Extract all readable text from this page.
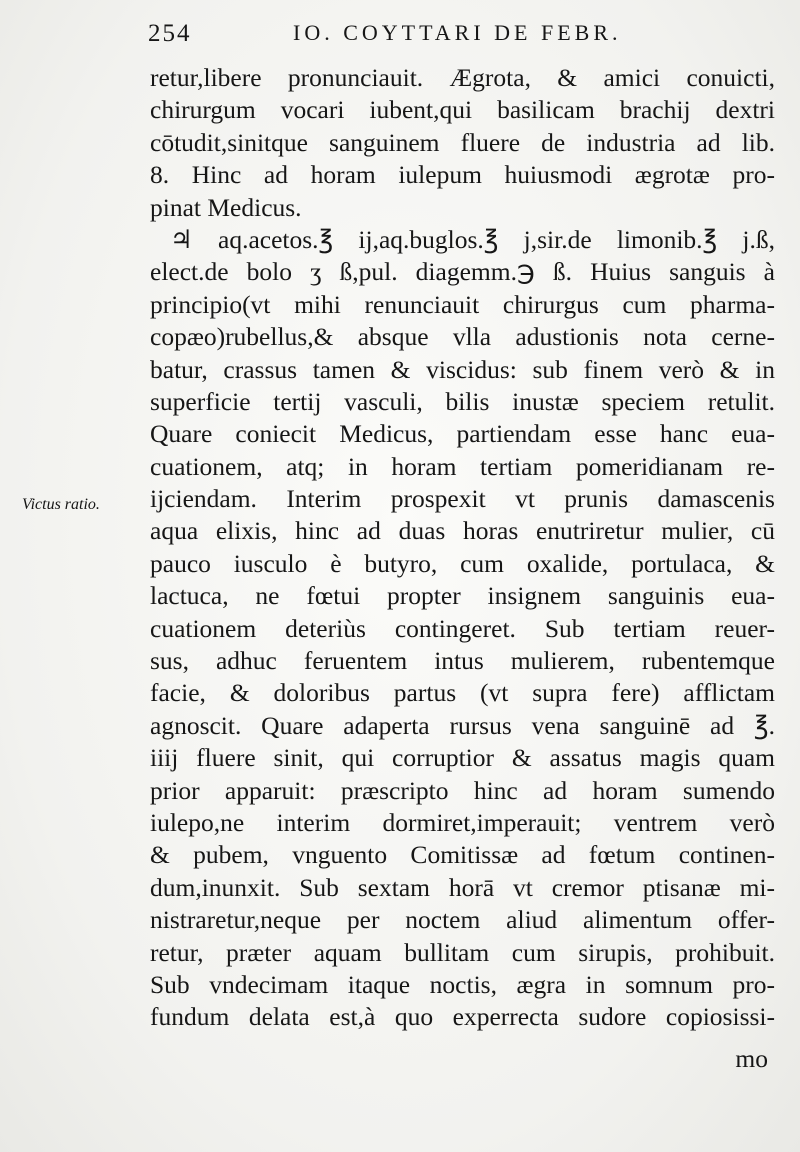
254	IO. COYTTARI DE FEBR.
Victus ratio.
retur,libere pronunciauit. Ægrota, & amici conuicti,
chirurgum vocari iubent,qui basilicam brachij dextri
cōtudit,sinitque sanguinem fluere de industria ad lib.
8. Hinc ad horam iulepum huiusmodi ægrotæ pro-
pinat Medicus.
♃ aq.acetos.℥ ij,aq.buglos.℥ j,sir.de limonib.℥ j.ß,
elect.de bolo ʒ ß,pul. diagemm.℈ ß. Huius sanguis à
principio(vt mihi renunciauit chirurgus cum pharma-
copæo)rubellus,& absque vlla adustionis nota cerne-
batur, crassus tamen & viscidus: sub finem verò & in
superficie tertij vasculi, bilis inustæ speciem retulit.
Quare coniecit Medicus, partiendam esse hanc eua-
cuationem, atq; in horam tertiam pomeridianam re-
ijciendam. Interim prospexit vt prunis damascenis
aqua elixis, hinc ad duas horas enutriretur mulier, cū
pauco iusculo è butyro, cum oxalide, portulaca, &
lactuca, ne fœtui propter insignem sanguinis eua-
cuationem deteriùs contingeret. Sub tertiam reuer-
sus, adhuc feruentem intus mulierem, rubentemque
facie, & doloribus partus (vt supra fere) afflictam
agnoscit. Quare adaperta rursus vena sanguinē ad ℥.
iiij fluere sinit, qui corruptior & assatus magis quam
prior apparuit: præscripto hinc ad horam sumendo
iulepo,ne interim dormiret,imperauit; ventrem verò
& pubem, vnguento Comitissæ ad fœtum continen-
dum,inunxit. Sub sextam horā vt cremor ptisanæ mi-
nistraretur,neque per noctem aliud alimentum offer-
retur, præter aquam bullitam cum sirupis, prohibuit.
Sub vndecimam itaque noctis, ægra in somnum pro-
fundum delata est,à quo experrecta sudore copiosissi-
mo
